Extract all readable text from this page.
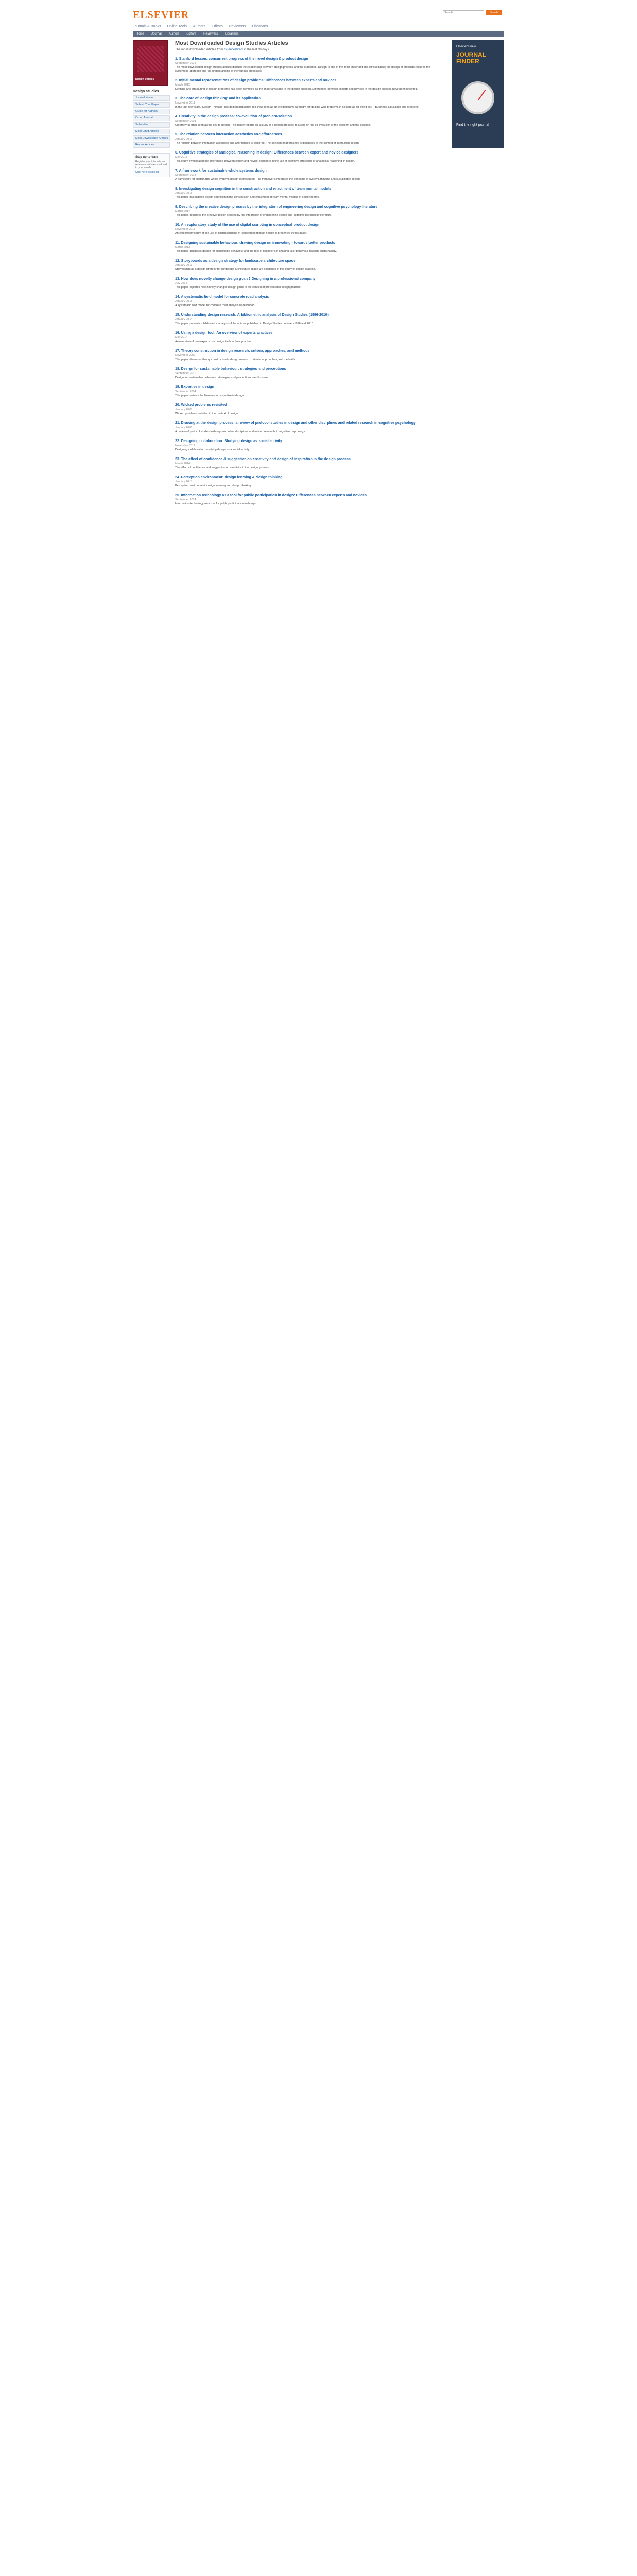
ELSEVIER
Search	Search
Journals & Books Online Tools Authors Editors Reviewers Librarians
Home Journal Authors Editors Reviewers Librarians
Design Studies
Design Studies
Journal Home
Submit Your Paper
Guide for Authors
Order Journal
Subscribe
Most Cited Articles
Most Downloaded Articles
Recent Articles
Stay up-to-date

Register your interests and receive email alerts tailored to your needs

Click here to sign up

Most Downloaded Design Studies Articles
The most downloaded articles from ScienceDirect in the last 90 days.
1. Stanford lesson: concurrent progress of the novel design & product design
September 2014
The most downloaded design studies articles discuss the relationship between design process and the outcomes. Design is one of the most important and difficult tasks; the design of products requires the systematic approach and the understanding of the various processes.
2. Initial mental representations of design problems: Differences between experts and novices
March 2015
Defining and structuring of design problems has been identified as the important stage in the design process. Differences between experts and novices in the design process have been reported.
3. The core of 'design thinking' and its application
November 2011
In the last few years, 'Design Thinking' has gained popularity. It is now seen as an exciting new paradigm for dealing with problems in sectors as far afield as IT, Business, Education and Medicine.
4. Creativity in the design process: co-evolution of problem-solution
September 2001
Creativity is often seen as the key to design. This paper reports on a study of a design process, focusing on the co-evolution of the problem and the solution.
5. The relation between interaction aesthetics and affordances
January 2013
The relation between interaction aesthetics and affordances is explored. The concept of affordance is discussed in the context of interaction design.
6. Cognitive strategies of analogical reasoning in design: Differences between expert and novice designers
May 2013
This study investigated the differences between expert and novice designers in the use of cognitive strategies of analogical reasoning in design.
7. A framework for sustainable whole systems design
September 2013
A framework for sustainable whole systems design is presented. The framework integrates the concepts of systems thinking and sustainable design.
8. Investigating design cognition in the construction and enactment of team mental models
January 2015
This paper investigates design cognition in the construction and enactment of team mental models in design teams.
9. Describing the creative design process by the integration of engineering design and cognitive psychology literature
March 2014
This paper describes the creative design process by the integration of engineering design and cognitive psychology literature.
10. An exploratory study of the use of digital sculpting in conceptual product design
November 2013
An exploratory study of the use of digital sculpting in conceptual product design is presented in this paper.
11. Designing sustainable behaviour: drawing design on innovating - towards better products
March 2013
This paper discusses design for sustainable behaviour and the role of designers in shaping user behaviour towards sustainability.
12. Storyboards as a design strategy for landscape architecture space
January 2013
Storyboards as a design strategy for landscape architecture space are examined in this study of design practice.
13. How does novelty change design goals? Designing in a professional company
July 2014
This paper explores how novelty changes design goals in the context of professional design practice.
14. A systematic field model for concrete road analysis
January 2015
A systematic field model for concrete road analysis is described.
15. Understanding design research: A bibliometric analysis of Design Studies (1996-2010)
January 2014
This paper presents a bibliometric analysis of the articles published in Design Studies between 1996 and 2010.
16. Using a design tool: An overview of experts practices
May 2014
An overview of how experts use design tools in their practice.
17. Theory construction in design research: criteria, approaches, and methods
November 2002
This paper discusses theory construction in design research: criteria, approaches, and methods.
18. Design for sustainable behaviour: strategies and perceptions
September 2011
Design for sustainable behaviour: strategies and perceptions are discussed.
19. Expertise in design
September 2004
This paper reviews the literature on expertise in design.
20. Wicked problems revisited
January 2005
Wicked problems revisited in the context of design.
21. Drawing at the design process: a review of protocol studies in design and other disciplines and related research in cognitive psychology
January 2006
A review of protocol studies in design and other disciplines and related research in cognitive psychology.
22. Designing collaboration: Studying design as social activity
November 2011
Designing collaboration: studying design as a social activity.
23. The effect of confidence & suggestion on creativity and design of inspiration in the design process
March 2014
The effect of confidence and suggestion on creativity in the design process.
24. Perception environment: design learning & design thinking
January 2013
Perception environment: design learning and design thinking.
25. Information technology as a tool for public participation in design: Differences between experts and novices
September 2014
Information technology as a tool for public participation in design.
Elsevier's new
JOURNAL FINDER
Find the right journal
